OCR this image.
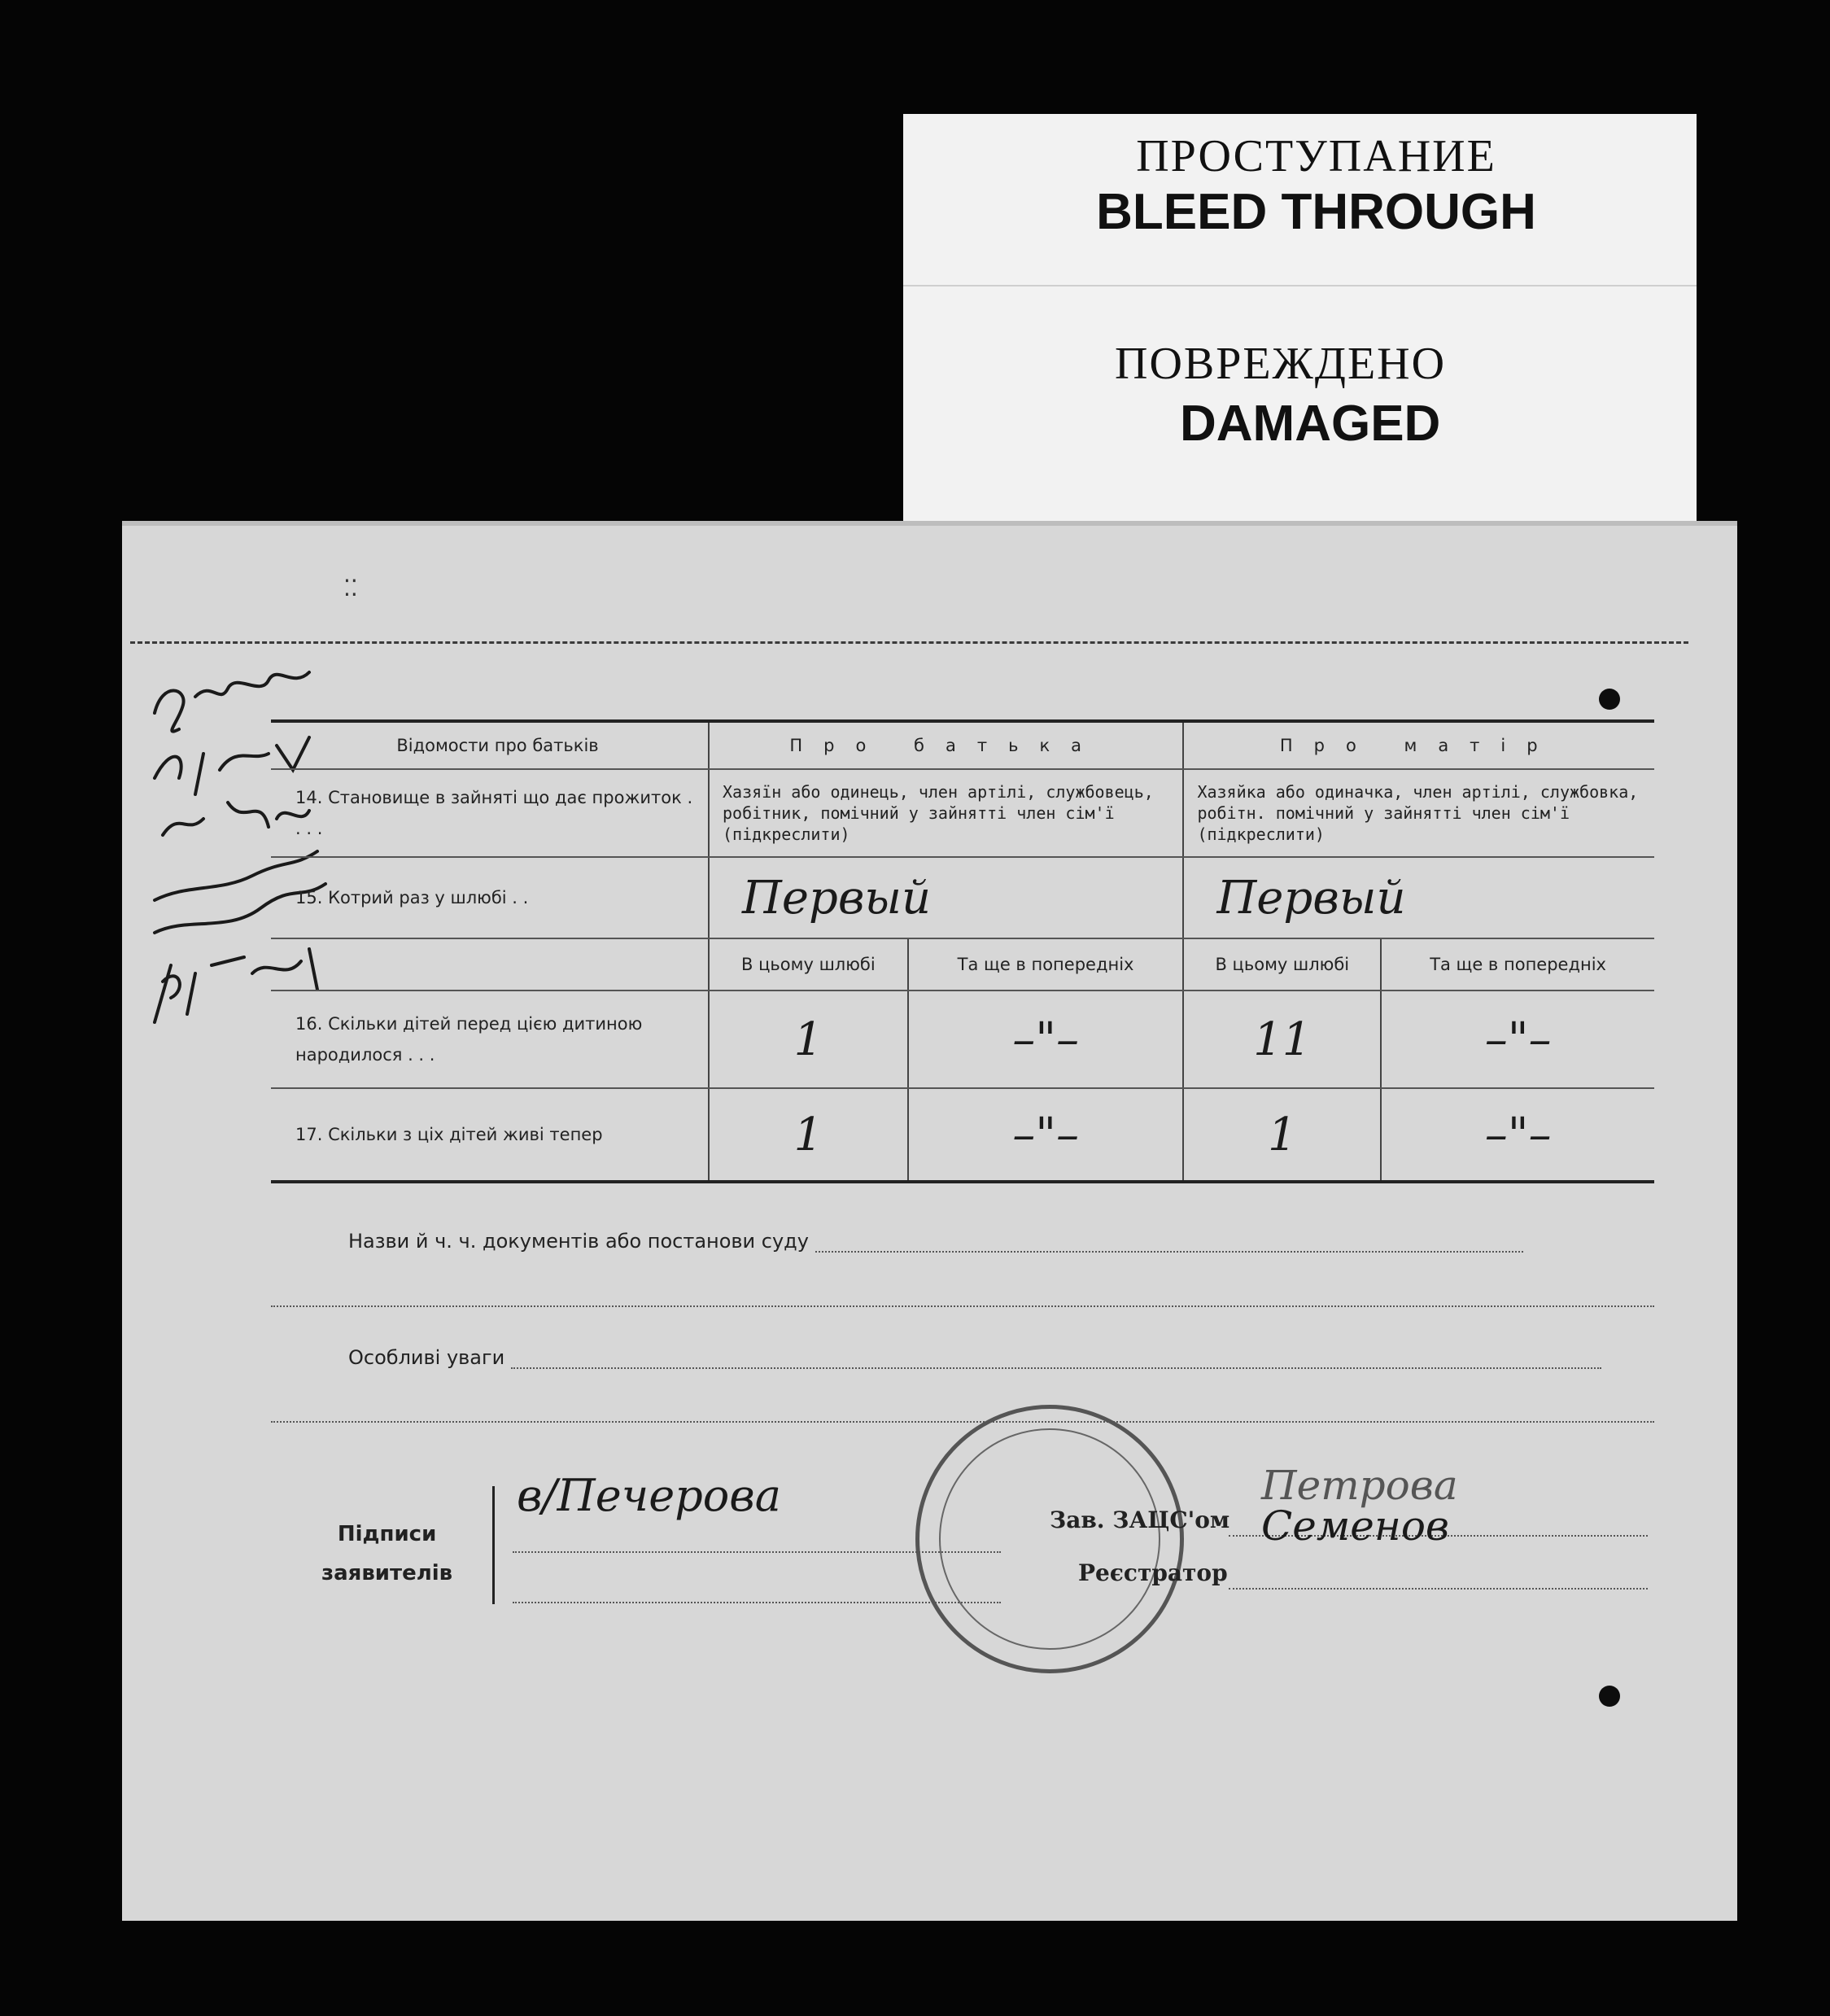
ПРОСТУПАНИЕ
BLEED THROUGH
ПОВРЕЖДЕНО
DAMAGED
⁚⁚
Відомости про батьків	Про батька		Про матір	
14. Становище в зайняті що дає прожиток . . . .	Хазяїн або одинець, член артілі, службовець, робітник, помічний у зайнятті член сім'ї (підкреслити)		Хазяйка або одиначка, член артілі, службовка, робітн. помічний у зайнятті член сім'ї (підкреслити)	
15. Котрий раз у шлюбі . .	Первый		Первый	
	В цьому шлюбі	Та ще в попередніх	В цьому шлюбі	Та ще в попередніх
16. Скільки дітей перед цією дитиною народилося . . .	1	–"–	11	–"–
17. Скільки з ціх дітей живі тепер	1	–"–	1	–"–
Назви й ч. ч. документів або постанови суду
Особливі уваги
Підписи
заявителів
в/Печерова	Зав. ЗАЦС'ом
Петрова
Реєстратор
Семенов
